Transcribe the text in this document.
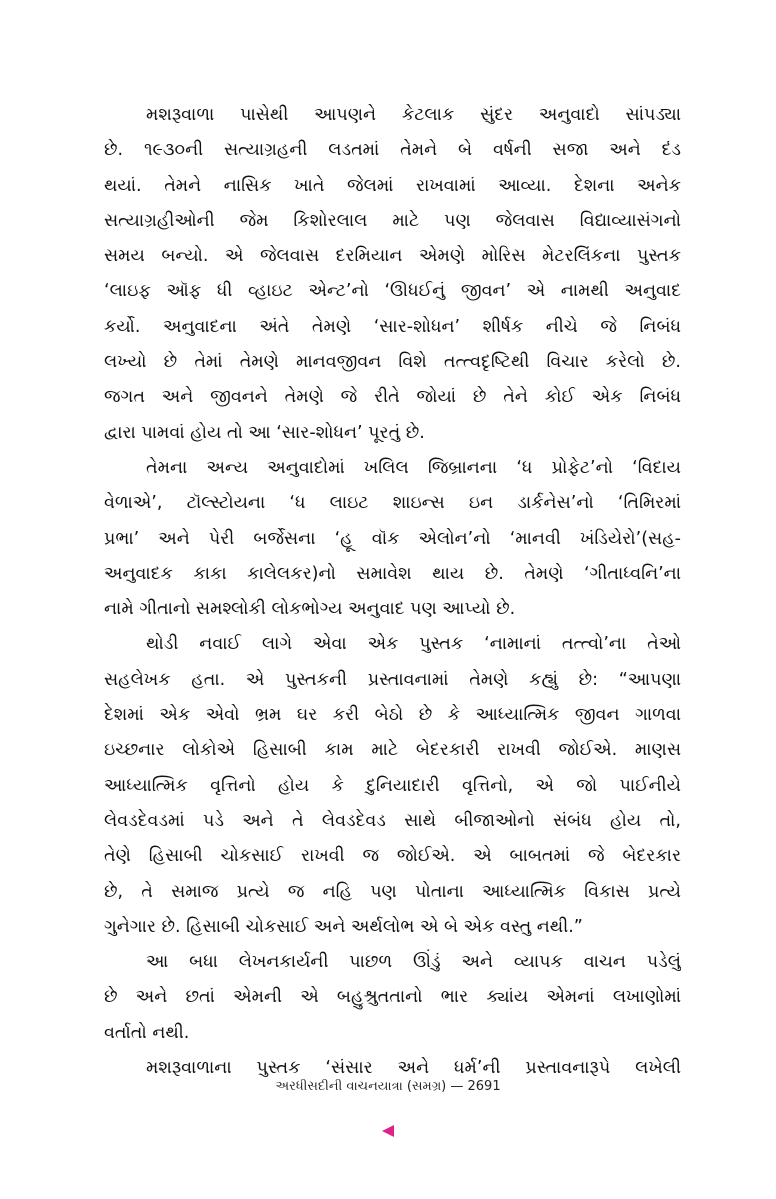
મશરૂવાળા પાસેથી આપણને કેટલાક સુંદર અનુવાદો સાંપડ્યા
છે. ૧૯૩૦ની સત્યાગ્રહની લડતમાં તેમને બે વર્ષની સજા અને દંડ
થયાં. તેમને નાસિક ખાતે જેલમાં રાખવામાં આવ્યા. દેશના અનેક
સત્યાગ્રહીઓની જેમ કિશોરલાલ માટે પણ જેલવાસ વિદ્યાવ્યાસંગનો
સમય બન્યો. એ જેલવાસ દરમિયાન એમણે મોરિસ મેટરલિંકના પુસ્તક
‘લાઇફ ઑફ ધી વ્હાઇટ એન્ટ’નો ‘ઊધઈનું જીવન’ એ નામથી અનુવાદ
કર્યો. અનુવાદના અંતે તેમણે ‘સાર-શોધન’ શીર્ષક નીચે જે નિબંધ
લખ્યો છે તેમાં તેમણે માનવજીવન વિશે તત્ત્વદૃષ્ટિથી વિચાર કરેલો છે.
જગત અને જીવનને તેમણે જે રીતે જોયાં છે તેને કોઈ એક નિબંધ
દ્વારા પામવાં હોય તો આ ‘સાર-શોધન’ પૂરતું છે.
તેમના અન્ય અનુવાદોમાં ખલિલ જિબ્રાનના ‘ધ પ્રોફેટ’નો ‘વિદાય
વેળાએ’, ટૉલ્સ્ટોયના ‘ધ લાઇટ શાઇન્સ ઇન ડાર્કનેસ’નો ‘તિમિરમાં
પ્રભા’ અને પેરી બર્જેસના ‘હૂ વૉક એલોન’નો ‘માનવી ખંડિયેરો’(સહ-
અનુવાદક કાકા કાલેલકર)નો સમાવેશ થાય છે. તેમણે ‘ગીતાધ્વનિ’ના
નામે ગીતાનો સમશ્લોકી લોકભોગ્ય અનુવાદ પણ આપ્યો છે.
થોડી નવાઈ લાગે એવા એક પુસ્તક ‘નામાનાં તત્ત્વો’ના તેઓ
સહલેખક હતા. એ પુસ્તકની પ્રસ્તાવનામાં તેમણે કહ્યું છે: “આપણા
દેશમાં એક એવો ભ્રમ ઘર કરી બેઠો છે કે આધ્યાત્મિક જીવન ગાળવા
ઇચ્છનાર લોકોએ હિસાબી કામ માટે બેદરકારી રાખવી જોઈએ. માણસ
આધ્યાત્મિક વૃત્તિનો હોય કે દુનિયાદારી વૃત્તિનો, એ જો પાઈનીયે
લેવડદેવડમાં પડે અને તે લેવડદેવડ સાથે બીજાઓનો સંબંધ હોય તો,
તેણે હિસાબી ચોકસાઈ રાખવી જ જોઈએ. એ બાબતમાં જે બેદરકાર
છે, તે સમાજ પ્રત્યે જ નહિ પણ પોતાના આધ્યાત્મિક વિકાસ પ્રત્યે
ગુનેગાર છે. હિસાબી ચોકસાઈ અને અર્થલોભ એ બે એક વસ્તુ નથી.”
આ બધા લેખનકાર્યની પાછળ ઊંડું અને વ્યાપક વાચન પડેલું
છે અને છતાં એમની એ બહુશ્રુતતાનો ભાર ક્યાંય એમનાં લખાણોમાં
વર્તાતો નથી.
મશરૂવાળાના પુસ્તક ‘સંસાર અને ધર્મ’ની પ્રસ્તાવનારૂપે લખેલી
અરધીસદીની વાચનયાત્રા (સમગ્ર) — 2691
